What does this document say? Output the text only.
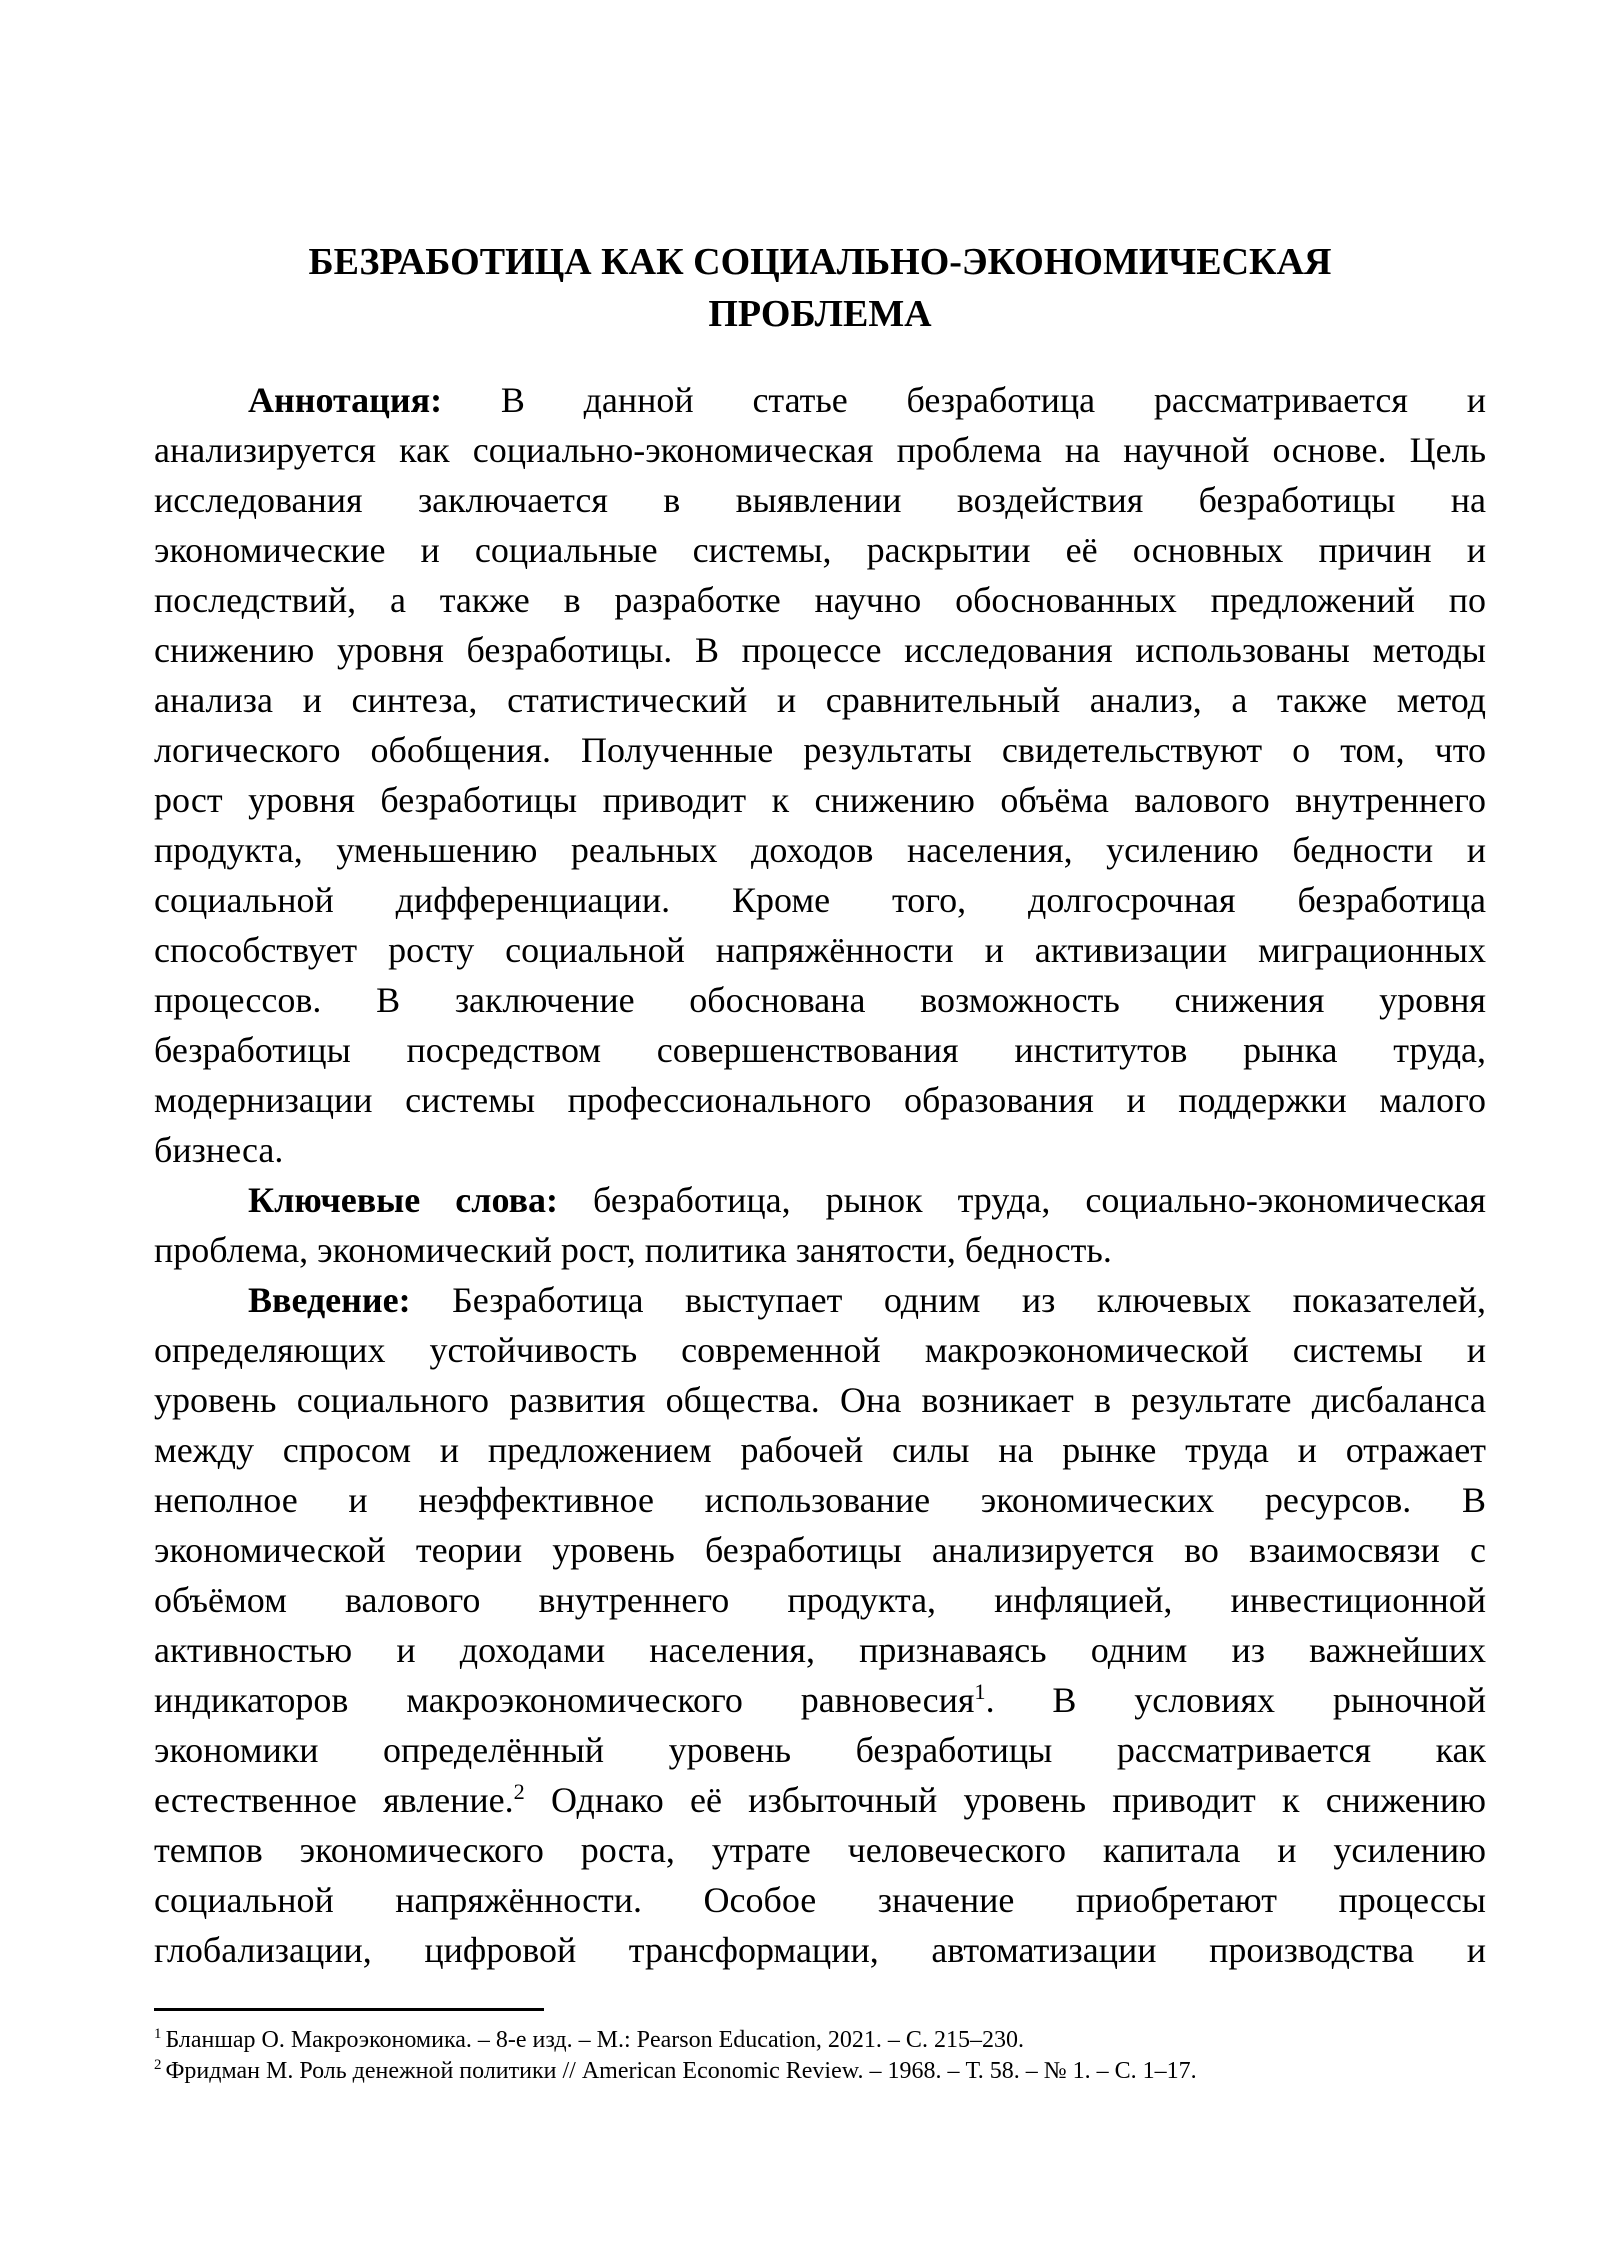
БЕЗРАБОТИЦА КАК СОЦИАЛЬНО-ЭКОНОМИЧЕСКАЯ
ПРОБЛЕМА
Аннотация: В данной статье безработица рассматривается и
анализируется как социально-экономическая проблема на научной основе. Цель
исследования заключается в выявлении воздействия безработицы на
экономические и социальные системы, раскрытии её основных причин и
последствий, а также в разработке научно обоснованных предложений по
снижению уровня безработицы. В процессе исследования использованы методы
анализа и синтеза, статистический и сравнительный анализ, а также метод
логического обобщения. Полученные результаты свидетельствуют о том, что
рост уровня безработицы приводит к снижению объёма валового внутреннего
продукта, уменьшению реальных доходов населения, усилению бедности и
социальной дифференциации. Кроме того, долгосрочная безработица
способствует росту социальной напряжённости и активизации миграционных
процессов. В заключение обоснована возможность снижения уровня
безработицы посредством совершенствования институтов рынка труда,
модернизации системы профессионального образования и поддержки малого
бизнеса.
Ключевые слова: безработица, рынок труда, социально-экономическая
проблема, экономический рост, политика занятости, бедность.
Введение: Безработица выступает одним из ключевых показателей,
определяющих устойчивость современной макроэкономической системы и
уровень социального развития общества. Она возникает в результате дисбаланса
между спросом и предложением рабочей силы на рынке труда и отражает
неполное и неэффективное использование экономических ресурсов. В
экономической теории уровень безработицы анализируется во взаимосвязи с
объёмом валового внутреннего продукта, инфляцией, инвестиционной
активностью и доходами населения, признаваясь одним из важнейших
индикаторов макроэкономического равновесия$^1$. В условиях рыночной
экономики определённый уровень безработицы рассматривается как
естественное явление.$^2$ Однако её избыточный уровень приводит к снижению
темпов экономического роста, утрате человеческого капитала и усилению
социальной напряжённости. Особое значение приобретают процессы
глобализации, цифровой трансформации, автоматизации производства и
$^1$ Бланшар О. Макроэкономика. – 8-е изд. – М.: Pearson Education, 2021. – С. 215–230.
$^2$ Фридман М. Роль денежной политики // American Economic Review. – 1968. – Т. 58. – № 1. – С. 1–17.
